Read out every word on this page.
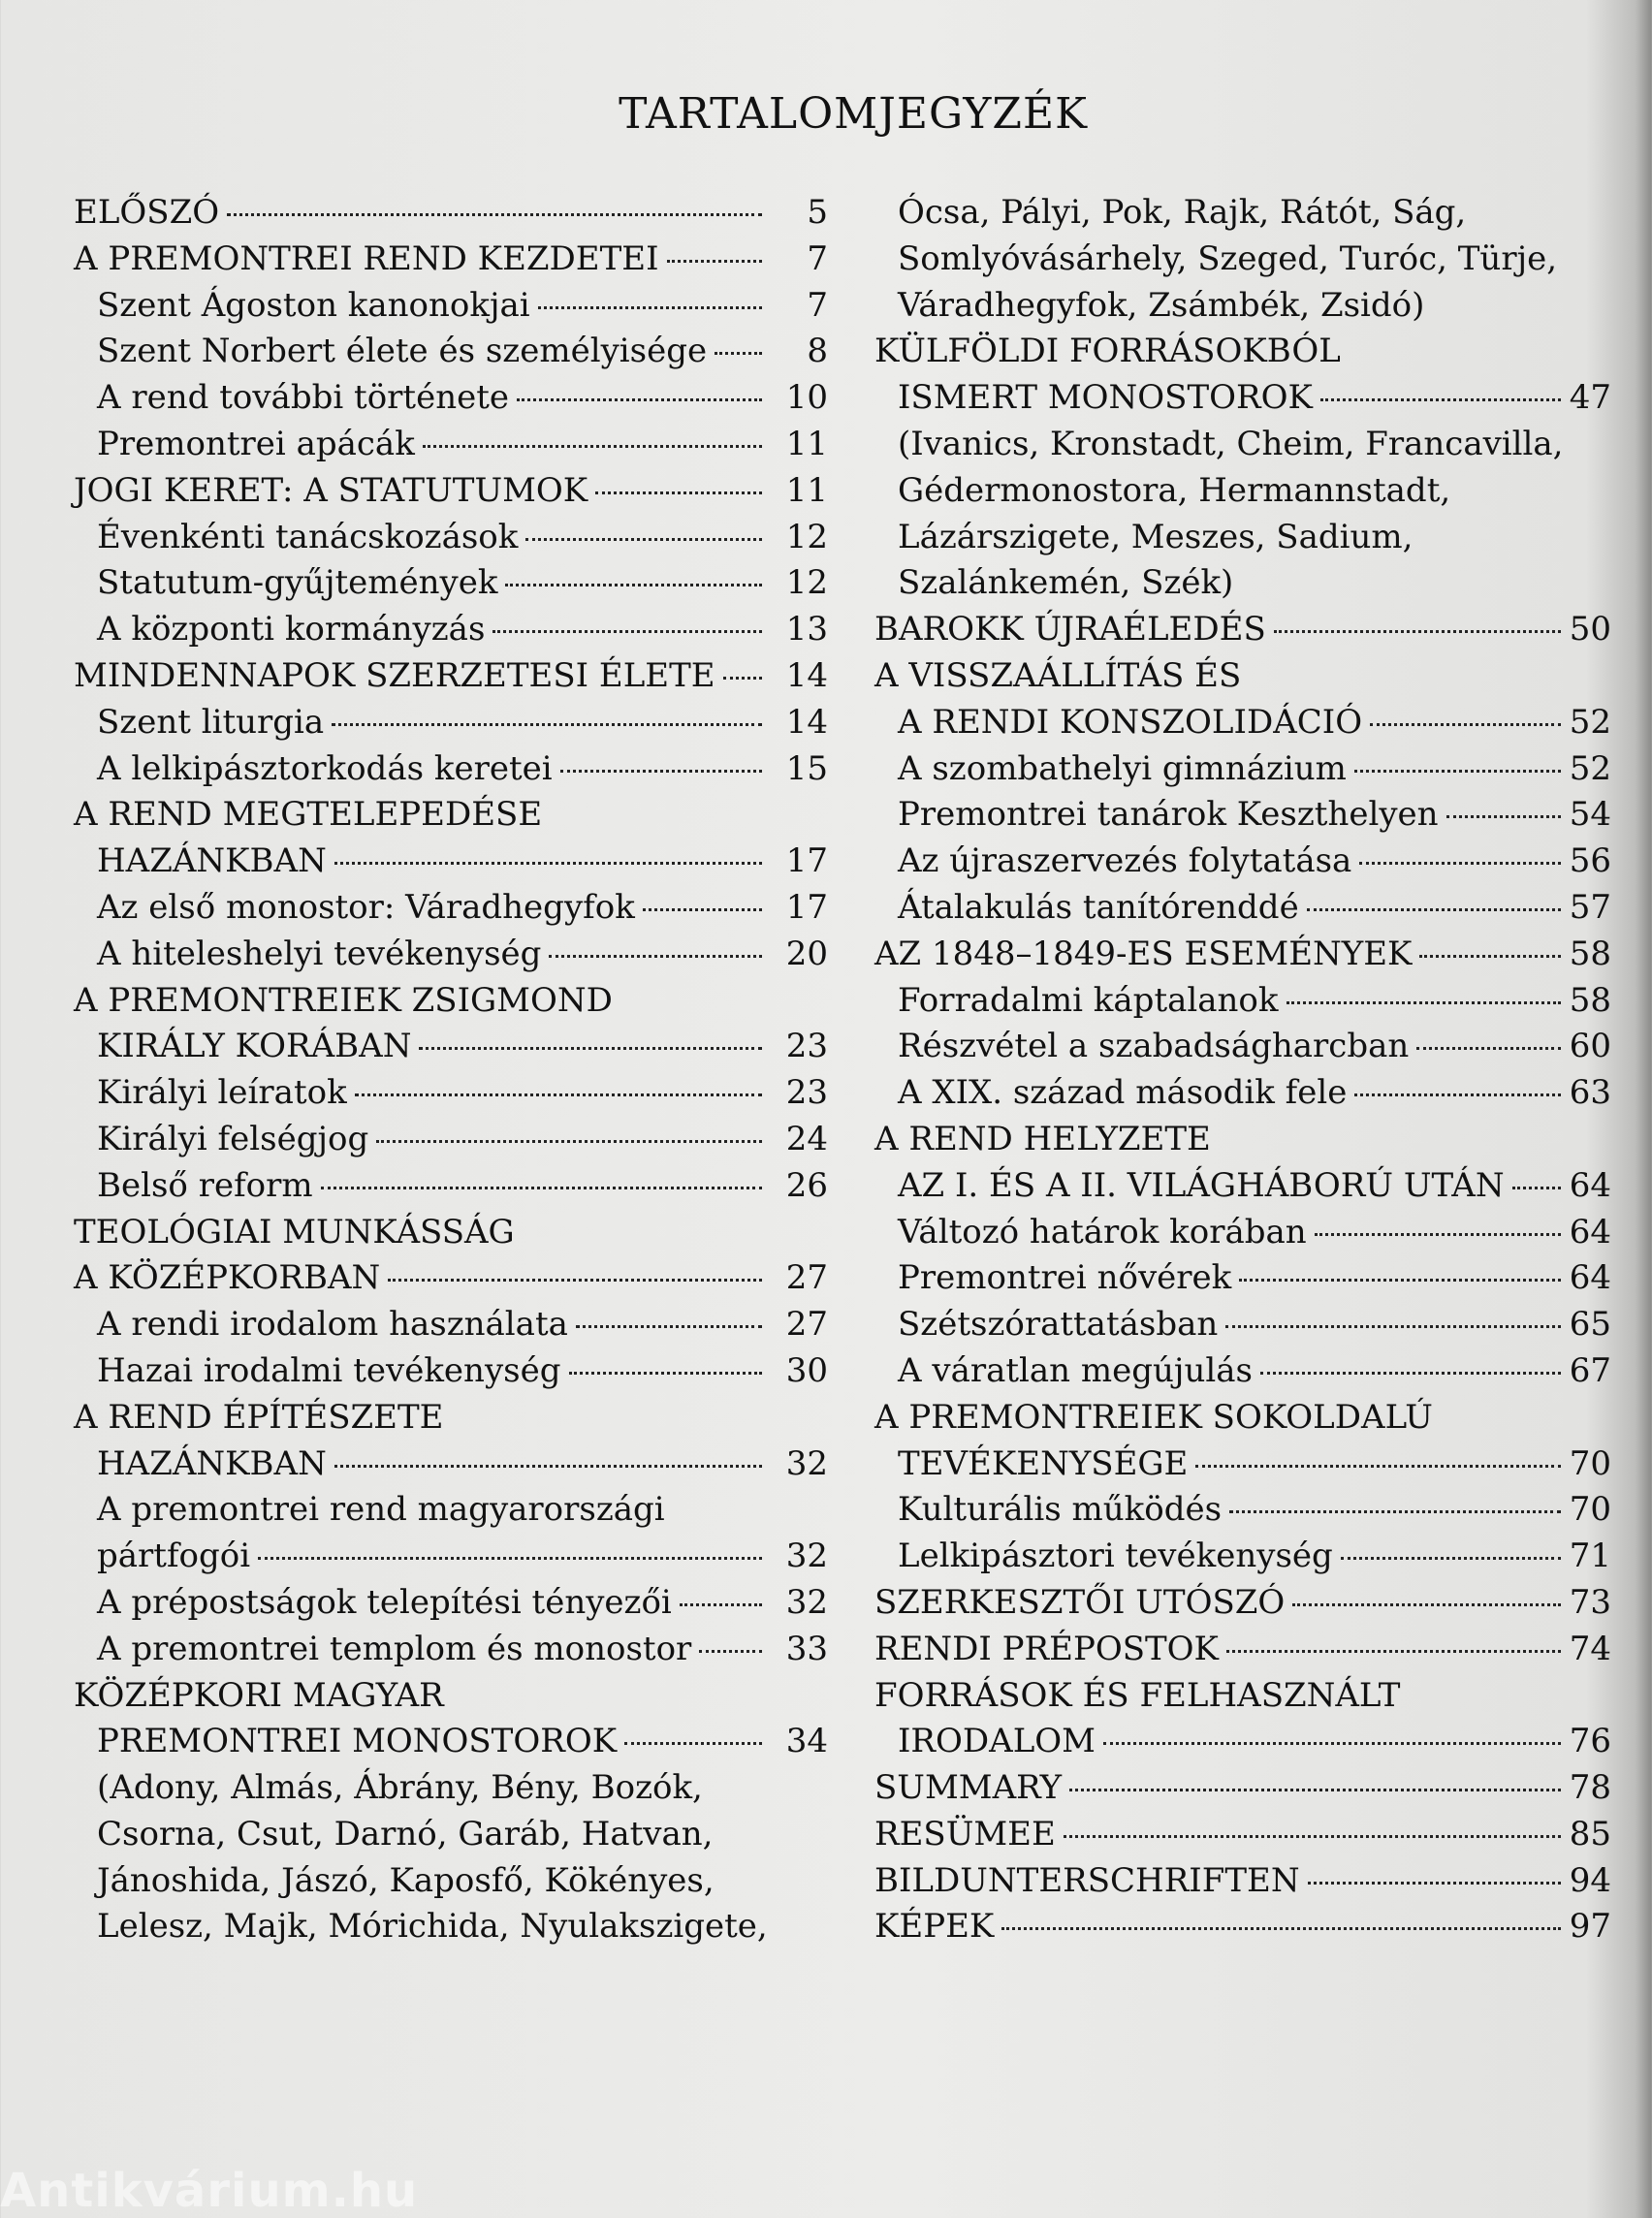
TARTALOMJEGYZÉK
ELŐSZÓ	5
A PREMONTREI REND KEZDETEI	7
Szent Ágoston kanonokjai	7
Szent Norbert élete és személyisége	8
A rend további története	10
Premontrei apácák	11
JOGI KERET: A STATUTUMOK	11
Évenkénti tanácskozások	12
Statutum-gyűjtemények	12
A központi kormányzás	13
MINDENNAPOK SZERZETESI ÉLETE	14
Szent liturgia	14
A lelkipásztorkodás keretei	15
A REND MEGTELEPEDÉSE
HAZÁNKBAN	17
Az első monostor: Váradhegyfok	17
A hiteleshelyi tevékenység	20
A PREMONTREIEK ZSIGMOND
KIRÁLY KORÁBAN	23
Királyi leíratok	23
Királyi felségjog	24
Belső reform	26
TEOLÓGIAI MUNKÁSSÁG
A KÖZÉPKORBAN	27
A rendi irodalom használata	27
Hazai irodalmi tevékenység	30
A REND ÉPÍTÉSZETE
HAZÁNKBAN	32
A premontrei rend magyarországi
pártfogói	32
A prépostságok telepítési tényezői	32
A premontrei templom és monostor	33
KÖZÉPKORI MAGYAR
PREMONTREI MONOSTOROK	34
(Adony, Almás, Ábrány, Bény, Bozók,
Csorna, Csut, Darnó, Garáb, Hatvan,
Jánoshida, Jászó, Kaposfő, Kökényes,
Lelesz, Majk, Mórichida, Nyulakszigete,
Ócsa, Pályi, Pok, Rajk, Rátót, Ság,
Somlyóvásárhely, Szeged, Turóc, Türje,
Váradhegyfok, Zsámbék, Zsidó)
KÜLFÖLDI FORRÁSOKBÓL
ISMERT MONOSTOROK	47
(Ivanics, Kronstadt, Cheim, Francavilla,
Gédermonostora, Hermannstadt,
Lázárszigete, Meszes, Sadium,
Szalánkemén, Szék)
BAROKK ÚJRAÉLEDÉS	50
A VISSZAÁLLÍTÁS ÉS
A RENDI KONSZOLIDÁCIÓ	52
A szombathelyi gimnázium	52
Premontrei tanárok Keszthelyen	54
Az újraszervezés folytatása	56
Átalakulás tanítórenddé	57
AZ 1848–1849-ES ESEMÉNYEK	58
Forradalmi káptalanok	58
Részvétel a szabadságharcban	60
A XIX. század második fele	63
A REND HELYZETE
AZ I. ÉS A II. VILÁGHÁBORÚ UTÁN 64
Változó határok korában	64
Premontrei nővérek	64
Szétszórattatásban	65
A váratlan megújulás	67
A PREMONTREIEK SOKOLDALÚ
TEVÉKENYSÉGE	70
Kulturális működés	70
Lelkipásztori tevékenység	71
SZERKESZTŐI UTÓSZÓ	73
RENDI PRÉPOSTOK	74
FORRÁSOK ÉS FELHASZNÁLT
IRODALOM	76
SUMMARY	78
RESÜMEE	85
BILDUNTERSCHRIFTEN	94
KÉPEK	97
Antikvárium.hu
